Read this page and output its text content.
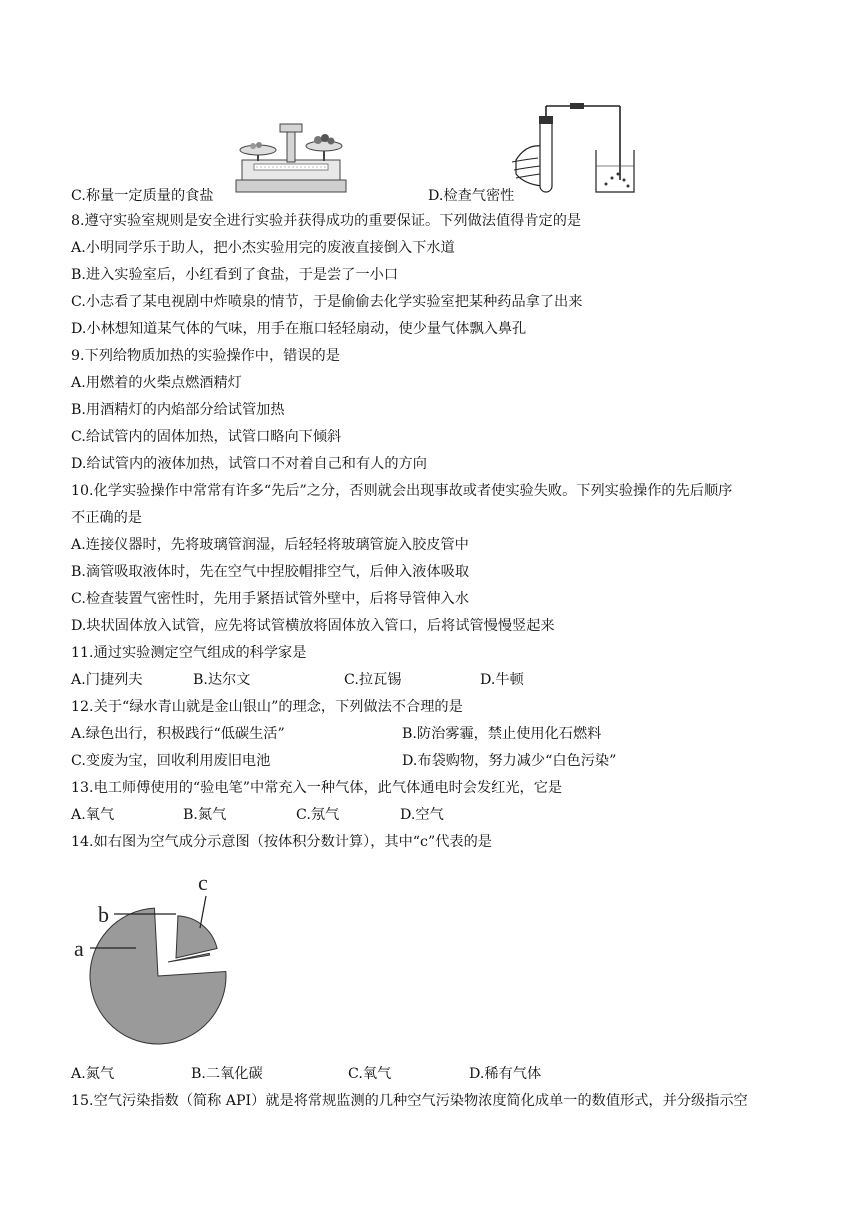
C.称量一定质量的食盐	D.检查气密性
8.遵守实验室规则是安全进行实验并获得成功的重要保证。下列做法值得肯定的是
A.小明同学乐于助人，把小杰实验用完的废液直接倒入下水道
B.进入实验室后，小红看到了食盐，于是尝了一小口
C.小志看了某电视剧中炸喷泉的情节，于是偷偷去化学实验室把某种药品拿了出来
D.小林想知道某气体的气味，用手在瓶口轻轻扇动，使少量气体飘入鼻孔
9.下列给物质加热的实验操作中，错误的是
A.用燃着的火柴点燃酒精灯
B.用酒精灯的内焰部分给试管加热
C.给试管内的固体加热，试管口略向下倾斜
D.给试管内的液体加热，试管口不对着自己和有人的方向
10.化学实验操作中常常有许多“先后”之分，否则就会出现事故或者使实验失败。下列实验操作的先后顺序
不正确的是
A.连接仪器时，先将玻璃管润湿，后轻轻将玻璃管旋入胶皮管中
B.滴管吸取液体时，先在空气中捏胶帽排空气，后伸入液体吸取
C.检查装置气密性时，先用手紧捂试管外壁中，后将导管伸入水
D.块状固体放入试管，应先将试管横放将固体放入管口，后将试管慢慢竖起来
11.通过实验测定空气组成的科学家是
A.门捷列夫	B.达尔文	C.拉瓦锡	D.牛顿
12.关于“绿水青山就是金山银山”的理念，下列做法不合理的是
A.绿色出行，积极践行“低碳生活”	B.防治雾霾，禁止使用化石燃料
C.变废为宝，回收利用废旧电池	D.布袋购物，努力减少“白色污染”
13.电工师傅使用的“验电笔”中常充入一种气体，此气体通电时会发红光，它是
A.氧气	B.氮气	C.氖气	D.空气
14.如右图为空气成分示意图（按体积分数计算），其中“c”代表的是
a
b
c
A.氮气	B.二氧化碳	C.氧气	D.稀有气体
15.空气污染指数（简称 API）就是将常规监测的几种空气污染物浓度简化成单一的数值形式，并分级指示空
